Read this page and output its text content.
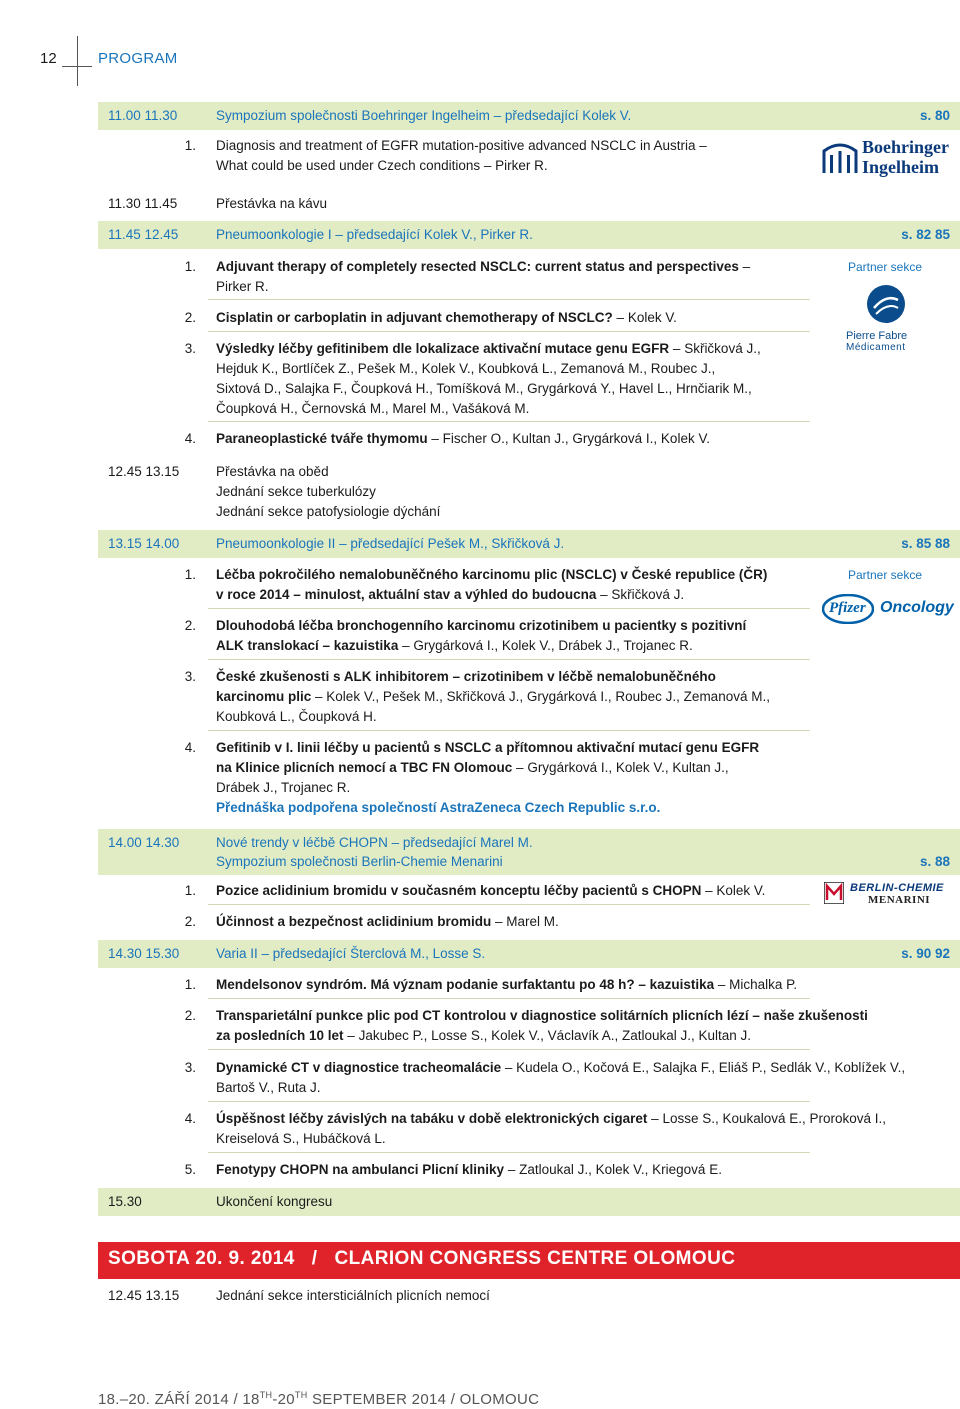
12	PROGRAM
11.00 11.30	Sympozium společnosti Boehringer Ingelheim – předsedající Kolek V.	s. 80
1. Diagnosis and treatment of EGFR mutation-positive advanced NSCLC in Austria –
What could be used under Czech conditions – Pirker R.
Boehringer
Ingelheim
11.30 11.45	Přestávka na kávu
11.45 12.45	Pneumoonkologie I – předsedající Kolek V., Pirker R.	s. 82 85
1. Adjuvant therapy of completely resected NSCLC: current status and perspectives –
Pirker R.
2. Cisplatin or carboplatin in adjuvant chemotherapy of NSCLC? – Kolek V.
3. Výsledky léčby gefitinibem dle lokalizace aktivační mutace genu EGFR – Skřičková J.,
Hejduk K., Bortlíček Z., Pešek M., Kolek V., Koubková L., Zemanová M., Roubec J.,
Sixtová D., Salajka F., Čoupková H., Tomíšková M., Grygárková Y., Havel L., Hrnčiarik M.,
Čoupková H., Černovská M., Marel M., Vašáková M.
4. Paraneoplastické tváře thymomu – Fischer O., Kultan J., Grygárková I., Kolek V.
Partner sekce
Pierre Fabre
Médicament
12.45 13.15	Přestávka na oběd
Jednání sekce tuberkulózy
Jednání sekce patofysiologie dýchání
13.15 14.00	Pneumoonkologie II – předsedající Pešek M., Skřičková J.	s. 85 88
1. Léčba pokročilého nemalobuněčného karcinomu plic (NSCLC) v České republice (ČR)
v roce 2014 – minulost, aktuální stav a výhled do budoucna – Skřičková J.
2. Dlouhodobá léčba bronchogenního karcinomu crizotinibem u pacientky s pozitivní
ALK translokací – kazuistika – Grygárková I., Kolek V., Drábek J., Trojanec R.
3. České zkušenosti s ALK inhibitorem – crizotinibem v léčbě nemalobuněčného
karcinomu plic – Kolek V., Pešek M., Skřičková J., Grygárková I., Roubec J., Zemanová M.,
Koubková L., Čoupková H.
4. Gefitinib v I. linii léčby u pacientů s NSCLC a přítomnou aktivační mutací genu EGFR
na Klinice plicních nemocí a TBC FN Olomouc – Grygárková I., Kolek V., Kultan J.,
Drábek J., Trojanec R.
Přednáška podpořena společností AstraZeneca Czech Republic s.r.o.
Partner sekce
Pfizer Oncology
14.00 14.30	Nové trendy v léčbě CHOPN – předsedající Marel M.
Sympozium společnosti Berlin-Chemie Menarini	s. 88
1. Pozice aclidinium bromidu v současném konceptu léčby pacientů s CHOPN – Kolek V.
2. Účinnost a bezpečnost aclidinium bromidu – Marel M.
BERLIN-CHEMIE
MENARINI
14.30 15.30	Varia II – předsedající Šterclová M., Losse S.	s. 90 92
1. Mendelsonov syndróm. Má význam podanie surfaktantu po 48 h? – kazuistika – Michalka P.
2. Transparietální punkce plic pod CT kontrolou v diagnostice solitárních plicních lézí – naše zkušenosti
za posledních 10 let – Jakubec P., Losse S., Kolek V., Václavík A., Zatloukal J., Kultan J.
3. Dynamické CT v diagnostice tracheomalácie – Kudela O., Kočová E., Salajka F., Eliáš P., Sedlák V., Koblížek V.,
Bartoš V., Ruta J.
4. Úspěšnost léčby závislých na tabáku v době elektronických cigaret – Losse S., Koukalová E., Proroková I.,
Kreiselová S., Hubáčková L.
5. Fenotypy CHOPN na ambulanci Plicní kliniky – Zatloukal J., Kolek V., Kriegová E.
15.30	Ukončení kongresu
SOBOTA 20. 9. 2014   /   CLARION CONGRESS CENTRE OLOMOUC
12.45 13.15	Jednání sekce intersticiálních plicních nemocí
18.–20. ZÁŘÍ 2014 / 18TH-20TH SEPTEMBER 2014 / OLOMOUC
